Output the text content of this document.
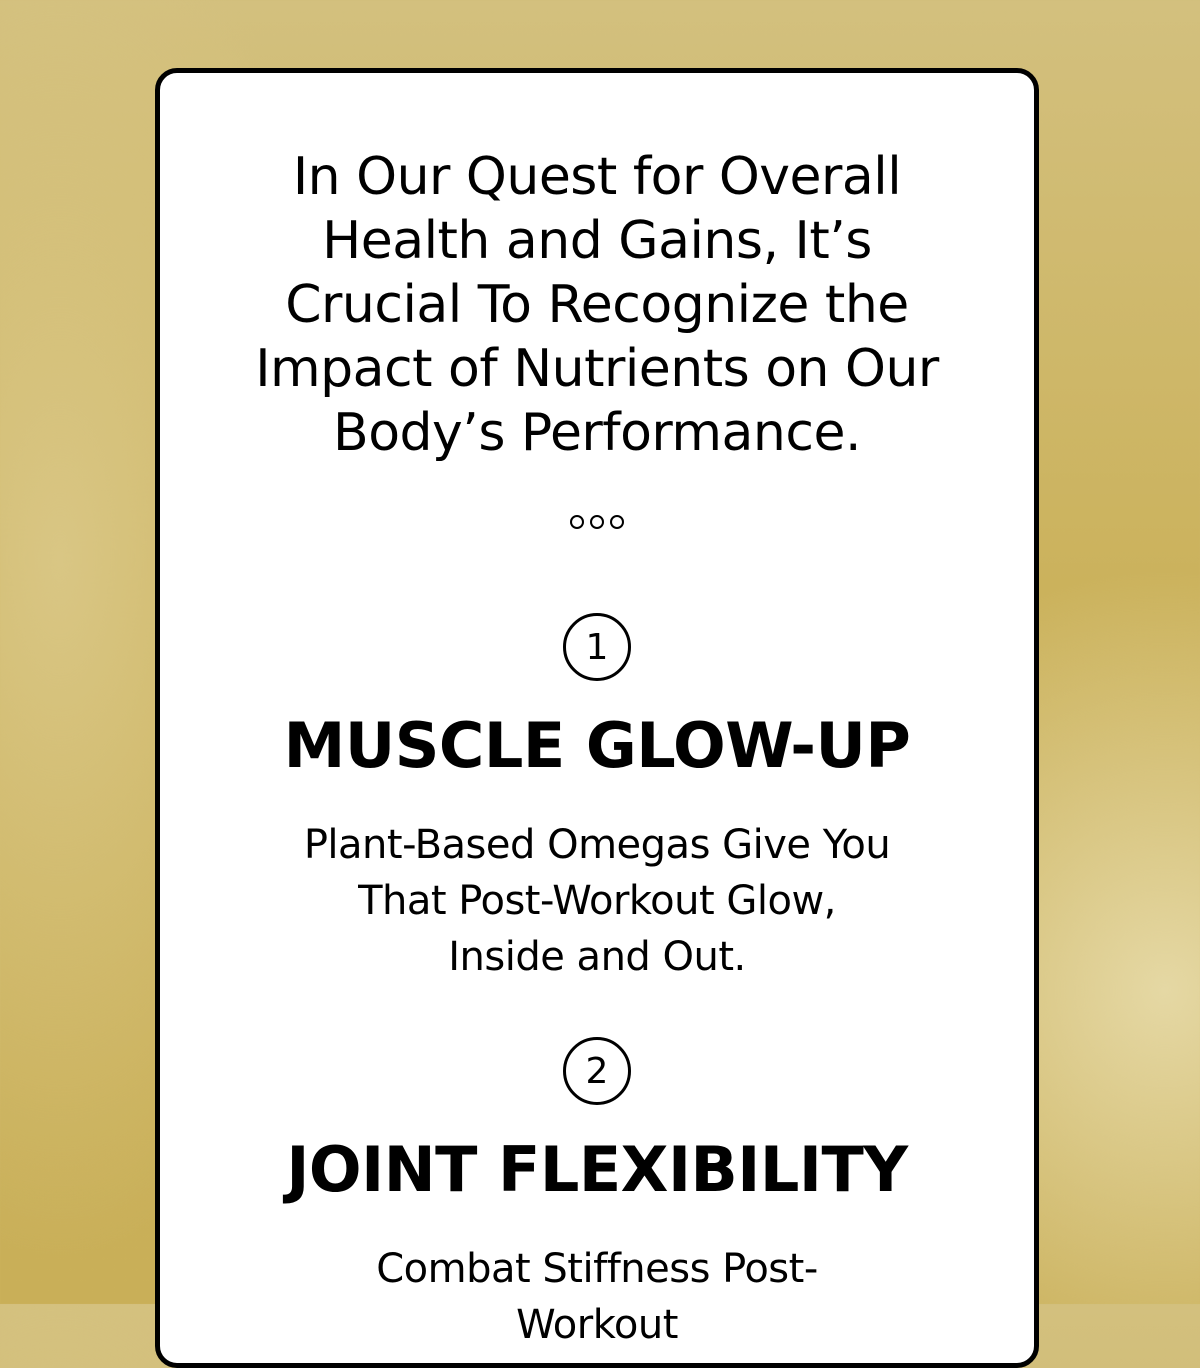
In Our Quest for Overall Health and Gains, It’s Crucial To Recognize the Impact of Nutrients on Our Body’s Performance.
1
MUSCLE GLOW-UP

Plant-Based Omegas Give You That Post-Workout Glow, Inside and Out.

2
JOINT FLEXIBILITY

Combat Stiffness Post-Workout
